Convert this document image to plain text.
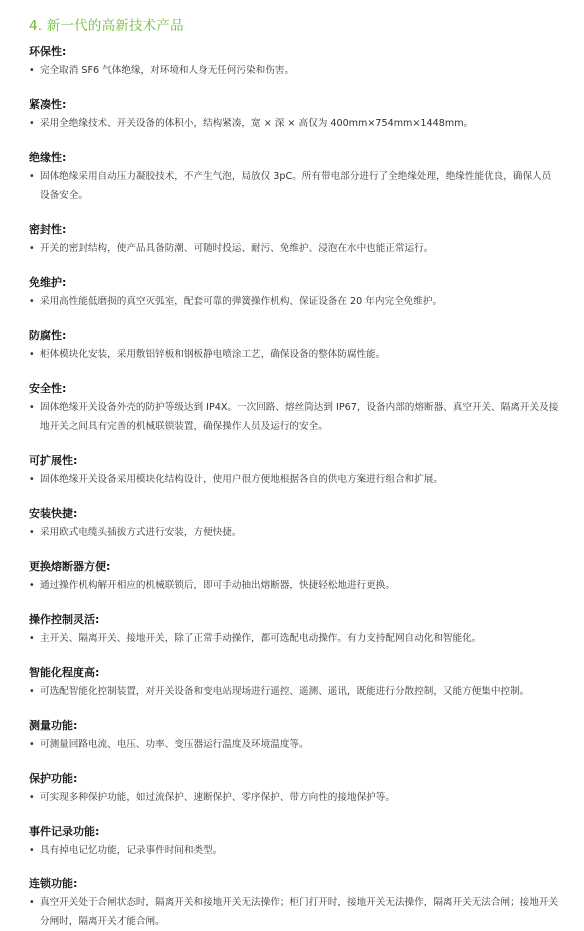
4. 新一代的高新技术产品
环保性:
• 完全取消 SF6 气体绝缘，对环境和人身无任何污染和伤害。
紧凑性:
• 采用全绝缘技术、开关设备的体积小，结构紧凑，宽 × 深 × 高仅为 400mm×754mm×1448mm。
绝缘性:
• 固体绝缘采用自动压力凝胶技术，不产生气泡，局放仅 3pC。所有带电部分进行了全绝缘处理，绝缘性能优良，确保人员设备安全。
密封性:
• 开关的密封结构，使产品具备防潮、可随时投运、耐污、免维护、浸泡在水中也能正常运行。
免维护:
• 采用高性能低磨损的真空灭弧室，配套可靠的弹簧操作机构、保证设备在 20 年内完全免维护。
防腐性:
• 柜体模块化安装，采用敷铝锌板和钢板静电喷涂工艺，确保设备的整体防腐性能。
安全性:
• 固体绝缘开关设备外壳的防护等级达到 IP4X。一次回路、熔丝筒达到 IP67，设备内部的熔断器、真空开关、隔离开关及接地开关之间具有完善的机械联锁装置，确保操作人员及运行的安全。
可扩展性:
• 固体绝缘开关设备采用模块化结构设计，使用户很方便地根据各自的供电方案进行组合和扩展。
安装快捷:
• 采用欧式电缆头插拔方式进行安装，方便快捷。
更换熔断器方便:
• 通过操作机构解开相应的机械联锁后，即可手动抽出熔断器，快捷轻松地进行更换。
操作控制灵活:
• 主开关、隔离开关、接地开关，除了正常手动操作，都可选配电动操作。有力支持配网自动化和智能化。
智能化程度高:
• 可选配智能化控制装置，对开关设备和变电站现场进行遥控、遥测、遥讯，既能进行分散控制，又能方便集中控制。
测量功能:
• 可测量回路电流、电压、功率、变压器运行温度及环境温度等。
保护功能:
• 可实现多种保护功能，如过流保护、速断保护、零序保护、带方向性的接地保护等。
事件记录功能:
• 具有掉电记忆功能，记录事件时间和类型。
连锁功能:
• 真空开关处于合闸状态时，隔离开关和接地开关无法操作；柜门打开时，接地开关无法操作，隔离开关无法合闸；接地开关分闸时，隔离开关才能合闸。
